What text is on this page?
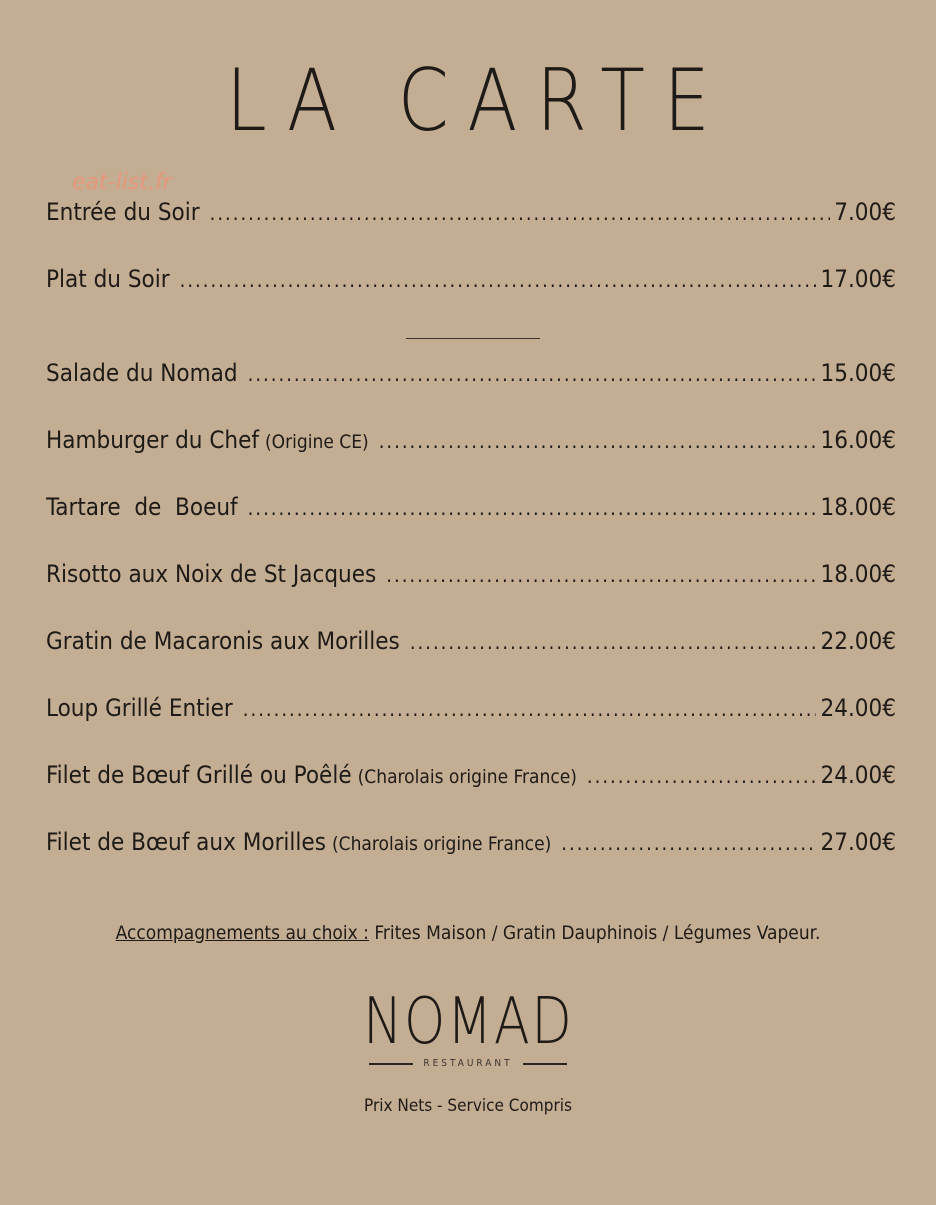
LA CARTE
eat-list.fr
Entrée du Soir .....	7.00€
Plat du Soir .....	17.00€
Salade du Nomad .....	15.00€
Hamburger du Chef (Origine CE) .....	16.00€
Tartare  de  Boeuf .....	18.00€
Risotto aux Noix de St Jacques .....	18.00€
Gratin de Macaronis aux Morilles .....	22.00€
Loup Grillé Entier .....	24.00€
Filet de Bœuf Grillé ou Poêlé (Charolais origine France) .....	24.00€
Filet de Bœuf aux Morilles (Charolais origine France) .....	27.00€
Accompagnements au choix : Frites Maison / Gratin Dauphinois / Légumes Vapeur.
NOMAD
RESTAURANT
Prix Nets - Service Compris
